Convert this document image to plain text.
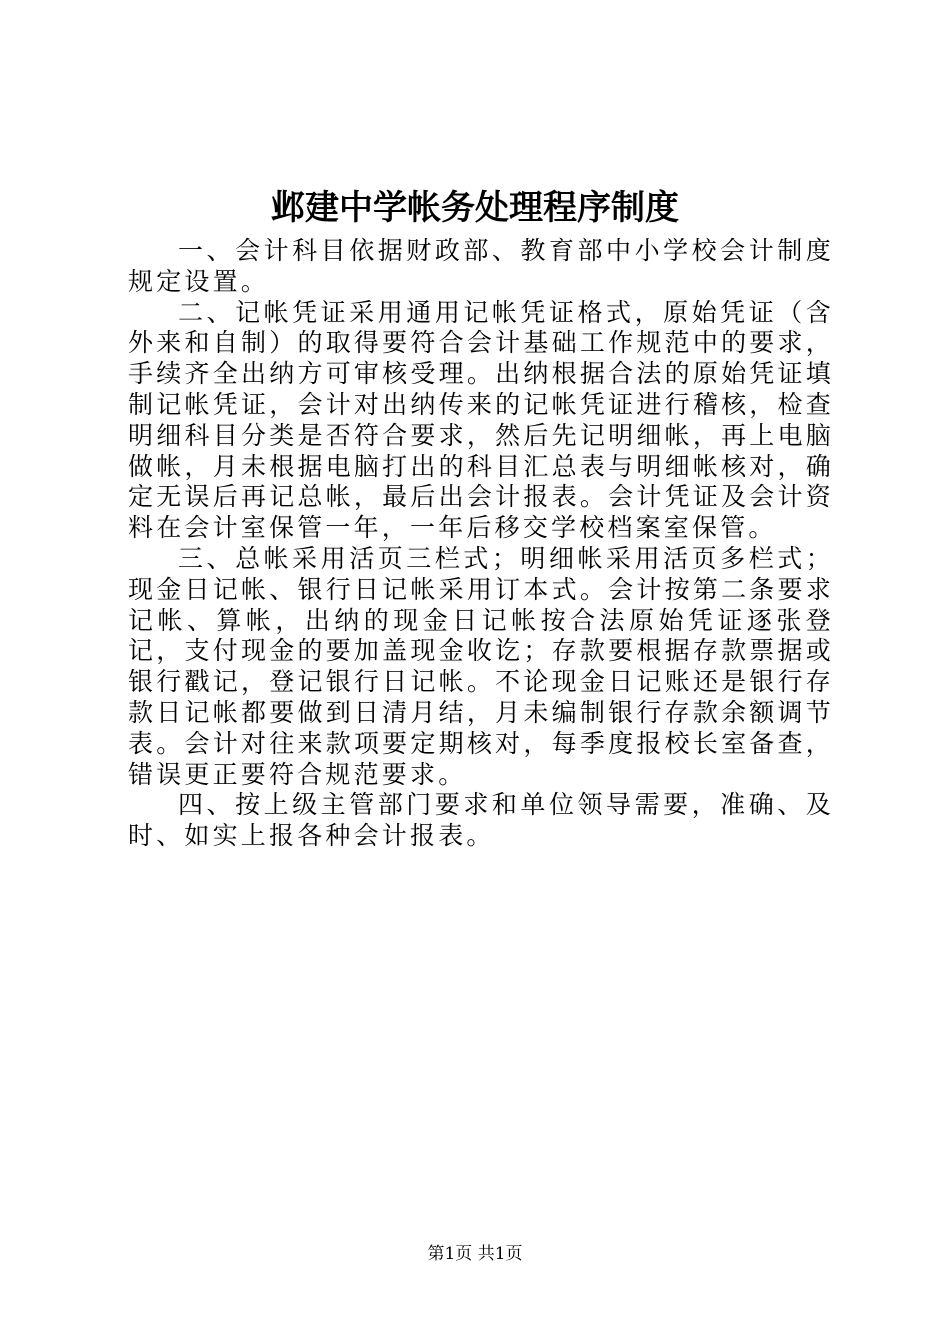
邺建中学帐务处理程序制度

一、会计科目依据财政部、教育部中小学校会计制度规定设置。

二、记帐凭证采用通用记帐凭证格式，原始凭证（含外来和自制）的取得要符合会计基础工作规范中的要求，手续齐全出纳方可审核受理。出纳根据合法的原始凭证填制记帐凭证，会计对出纳传来的记帐凭证进行稽核，检查明细科目分类是否符合要求，然后先记明细帐，再上电脑做帐，月未根据电脑打出的科目汇总表与明细帐核对，确定无误后再记总帐，最后出会计报表。会计凭证及会计资料在会计室保管一年，一年后移交学校档案室保管。

三、总帐采用活页三栏式；明细帐采用活页多栏式；现金日记帐、银行日记帐采用订本式。会计按第二条要求记帐、算帐，出纳的现金日记帐按合法原始凭证逐张登记，支付现金的要加盖现金收讫；存款要根据存款票据或银行戳记，登记银行日记帐。不论现金日记账还是银行存款日记帐都要做到日清月结，月未编制银行存款余额调节表。会计对往来款项要定期核对，每季度报校长室备查，错误更正要符合规范要求。

四、按上级主管部门要求和单位领导需要，准确、及时、如实上报各种会计报表。

第1页 共1页
